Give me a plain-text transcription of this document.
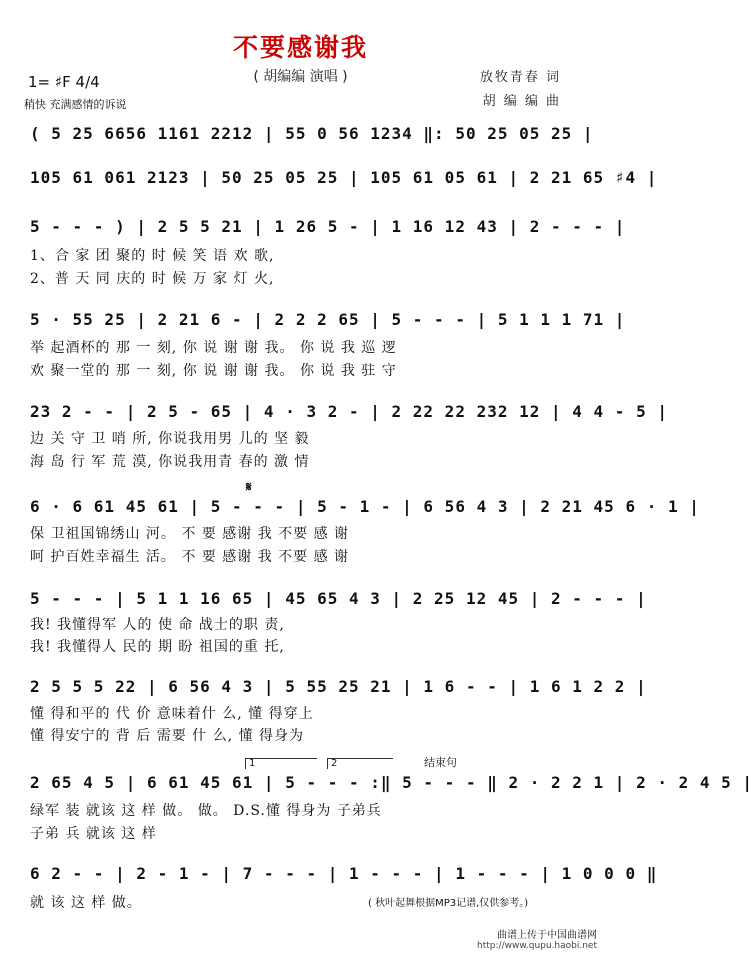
不要感谢我
( 胡编编 演唱 )
1= ♯F 4/4
稍快 充满感情的诉说
放牧青春 词
胡 编 编 曲
( 5 25 6656 1161 2212 | 55 0 56 1234 ‖: 50 25 05 25 |
105 61 061 2123 | 50 25 05 25 | 105 61 05 61 | 2 21 65 ♯4 |
5 - - - ) | 2 5 5 21 | 1 26 5 - | 1 16 12 43 | 2 - - - |
1、合 家 团 聚的 时 候 笑 语 欢 歌,
2、普 天 同 庆的 时 候 万 家 灯 火,
5 · 55 25 | 2 21 6 - | 2 2 2 65 | 5 - - - | 5 1 1 1 71 |
举 起酒杯的 那 一 刻, 你 说 谢 谢 我。 你 说 我 巡 逻
欢 聚一堂的 那 一 刻, 你 说 谢 谢 我。 你 说 我 驻 守
23 2 - - | 2 5 - 65 | 4 · 3 2 - | 2 22 22 232 12 | 4 4 - 5 |
边 关 守 卫 哨 所, 你说我用男 儿的 坚 毅
海 岛 行 军 荒 漠, 你说我用青 春的 激 情
𝄋
6 · 6 61 45 61 | 5 - - - | 5 - 1 - | 6 56 4 3 | 2 21 45 6 · 1 |
保 卫祖国锦绣山 河。 不 要 感谢 我 不要 感 谢
呵 护百姓幸福生 活。 不 要 感谢 我 不要 感 谢
5 - - - | 5 1 1 16 65 | 45 65 4 3 | 2 25 12 45 | 2 - - - |
我! 我懂得军 人的 使 命 战士的职 责,
我! 我懂得人 民的 期 盼 祖国的重 托,
2 5 5 5 22 | 6 56 4 3 | 5 55 25 21 | 1 6 - - | 1 6 1 2 2 |
懂 得和平的 代 价 意味着什 么, 懂 得穿上
懂 得安宁的 背 后 需要 什 么, 懂 得身为
1	2	结束句
2 65 4 5 | 6 61 45 61 | 5 - - - :‖ 5 - - - ‖ 2 · 2 2 1 | 2 · 2 4 5 |
绿军 装 就该 这 样 做。 做。 D.S.懂 得身为 子弟兵
子弟 兵 就该 这 样
6 2 - - | 2 - 1 - | 7 - - - | 1 - - - | 1 - - - | 1 0 0 0 ‖
就 该 这 样 做。	( 秋叶起舞根据MP3记谱,仅供参考。)
曲谱上传于中国曲谱网
http://www.qupu.haobi.net
